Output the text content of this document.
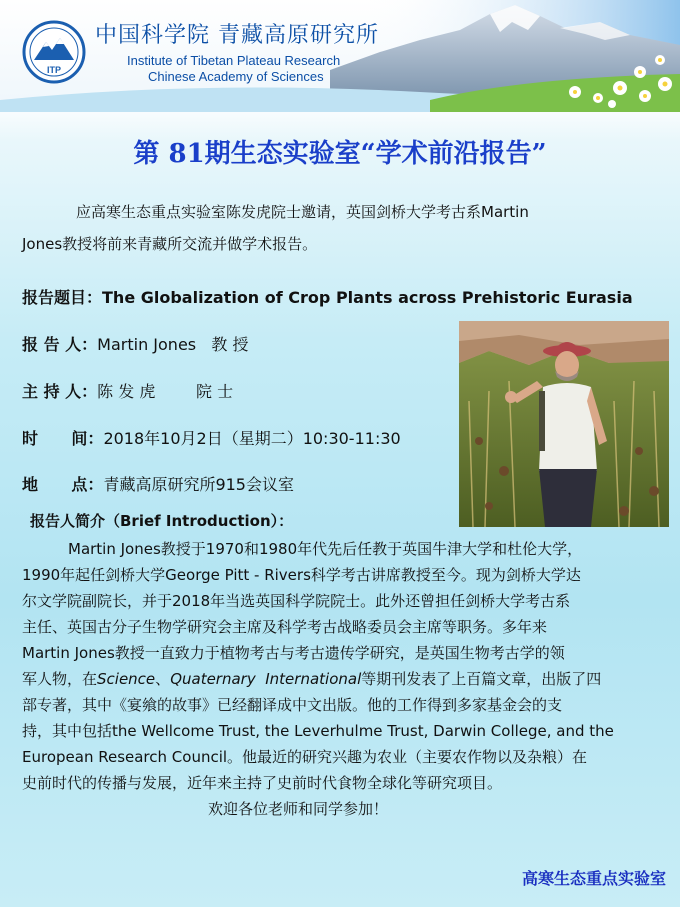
ITP
中国科学院 青藏高原研究所
Institute of Tibetan Plateau Research
Chinese Academy of Sciences
第 81期生态实验室“学术前沿报告”
应高寒生态重点实验室陈发虎院士邀请，英国剑桥大学考古系Martin
Jones教授将前来青藏所交流并做学术报告。
报告题目：The Globalization of Crop Plants across Prehistoric Eurasia
报 告 人：Martin Jones   教 授
主 持 人：陈 发 虎        院 士
时      间：2018年10月2日（星期二）10:30-11:30
地      点：青藏高原研究所915会议室
报告人简介（Brief Introduction）：
Martin Jones教授于1970和1980年代先后任教于英国牛津大学和杜伦大学，
1990年起任剑桥大学George Pitt - Rivers科学考古讲席教授至今。现为剑桥大学达
尔文学院副院长，并于2018年当选英国科学院院士。此外还曾担任剑桥大学考古系
主任、英国古分子生物学研究会主席及科学考古战略委员会主席等职务。多年来
Martin Jones教授一直致力于植物考古与考古遗传学研究，是英国生物考古学的领
军人物，在Science、Quaternary  International等期刊发表了上百篇文章，出版了四
部专著，其中《宴飨的故事》已经翻译成中文出版。他的工作得到多家基金会的支
持，其中包括the Wellcome Trust, the Leverhulme Trust, Darwin College, and the
European Research Council。他最近的研究兴趣为农业（主要农作物以及杂粮）在
史前时代的传播与发展，近年来主持了史前时代食物全球化等研究项目。
欢迎各位老师和同学参加！
高寒生态重点实验室
